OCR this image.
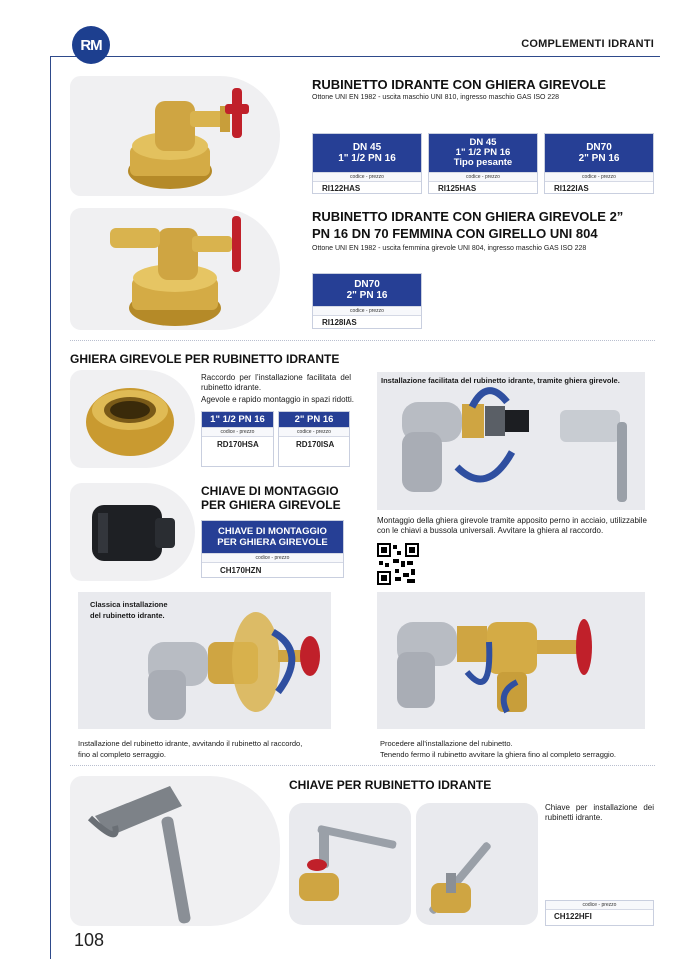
RM	COMPLEMENTI IDRANTI
RUBINETTO IDRANTE CON GHIERA GIREVOLE
Ottone UNI EN 1982 - uscita maschio UNI 810, ingresso maschio GAS ISO 228
DN 45
1" 1/2 PN 16
codice - prezzo
RI122HAS
DN 45
1" 1/2 PN 16
Tipo pesante
codice - prezzo
RI125HAS
DN70
2" PN 16
codice - prezzo
RI122IAS
RUBINETTO IDRANTE CON GHIERA GIREVOLE 2”
PN 16 DN 70 FEMMINA CON GIRELLO UNI 804
Ottone UNI EN 1982 - uscita femmina girevole UNI 804, ingresso maschio GAS ISO 228
DN70
2" PN 16
codice - prezzo
RI128IAS
GHIERA GIREVOLE PER RUBINETTO IDRANTE
Raccordo per l’installazione facilitata del rubinetto idrante.
Agevole e rapido montaggio in spazi ridotti.
1" 1/2 PN 16
codice - prezzo
RD170HSA
2" PN 16
codice - prezzo
RD170ISA
Installazione facilitata del rubinetto idrante, tramite ghiera girevole.
CHIAVE DI MONTAGGIO
PER GHIERA GIREVOLE
CHIAVE DI MONTAGGIO
PER GHIERA GIREVOLE
codice - prezzo
CH170HZN
Montaggio della ghiera girevole tramite apposito perno in acciaio, utilizzabile con le chiavi a bussola universali. Avvitare la ghiera al raccordo.
Classica installazione
del rubinetto idrante.
Installazione del rubinetto idrante, avvitando il rubinetto al raccordo,
fino al completo serraggio.
Procedere all’installazione del rubinetto.
Tenendo fermo il rubinetto avvitare la ghiera fino al completo serraggio.
CHIAVE PER RUBINETTO IDRANTE
Chiave per installazione dei rubinetti idrante.
codice - prezzo
CH122HFI
108
